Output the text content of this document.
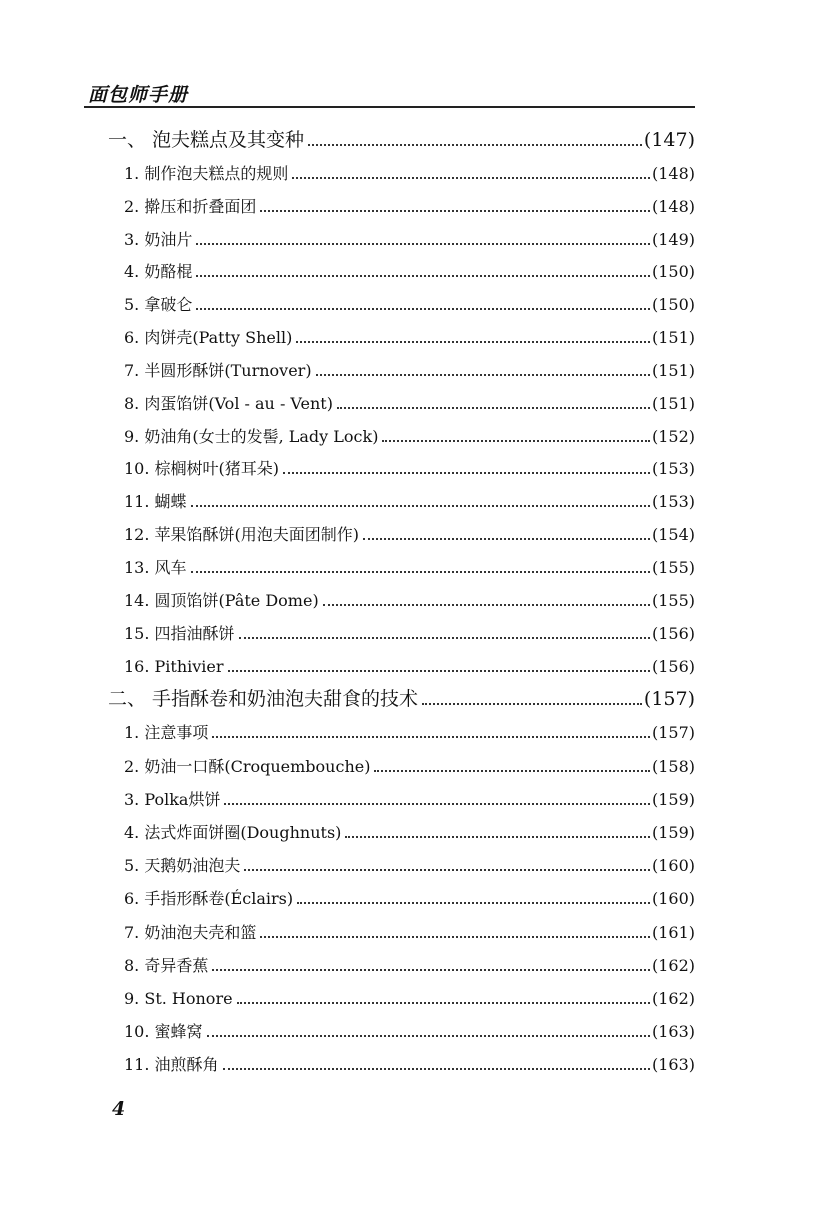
面包师手册
一、 泡夫糕点及其变种	(147)
1. 制作泡夫糕点的规则	(148)
2. 擀压和折叠面团	(148)
3. 奶油片	(149)
4. 奶酪棍	(150)
5. 拿破仑	(150)
6. 肉饼壳(Patty Shell)	(151)
7. 半圆形酥饼(Turnover)	(151)
8. 肉蛋馅饼(Vol - au - Vent)	(151)
9. 奶油角(女士的发髻, Lady Lock)	(152)
10. 棕榈树叶(猪耳朵)	(153)
11. 蝴蝶	(153)
12. 苹果馅酥饼(用泡夫面团制作)	(154)
13. 风车	(155)
14. 圆顶馅饼(Pâte Dome)	(155)
15. 四指油酥饼	(156)
16. Pithivier	(156)
二、 手指酥卷和奶油泡夫甜食的技术	(157)
1. 注意事项	(157)
2. 奶油一口酥(Croquembouche)	(158)
3. Polka烘饼	(159)
4. 法式炸面饼圈(Doughnuts)	(159)
5. 天鹅奶油泡夫	(160)
6. 手指形酥卷(Éclairs)	(160)
7. 奶油泡夫壳和篮	(161)
8. 奇异香蕉	(162)
9. St. Honore	(162)
10. 蜜蜂窝	(163)
11. 油煎酥角	(163)
4
